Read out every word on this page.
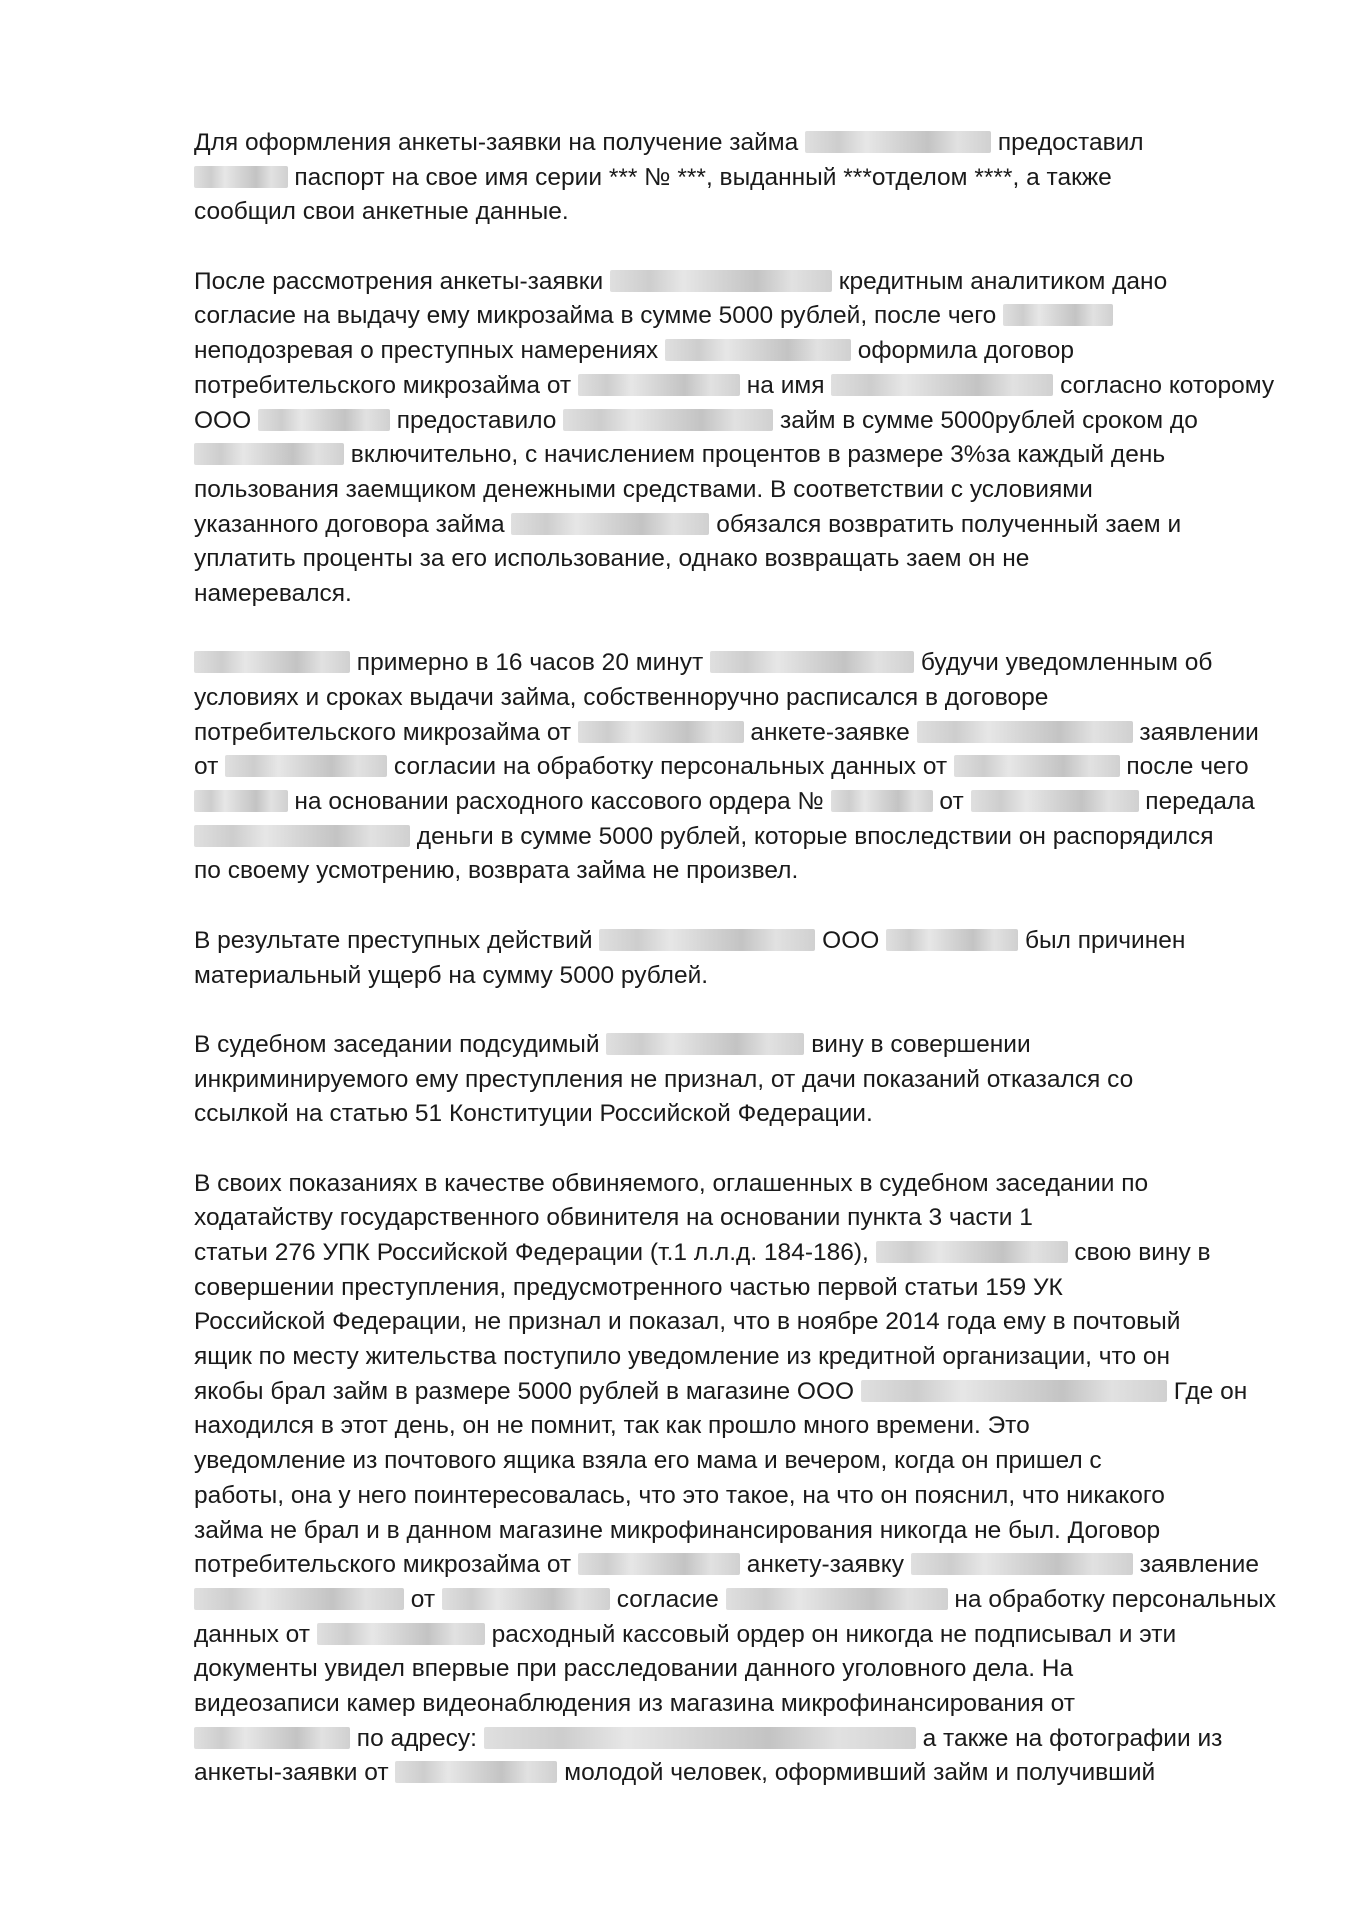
Для оформления анкеты-заявки на получение займа	предоставил
паспорт на свое имя серии *** № ***, выданный ***отделом ****, а также
сообщил свои анкетные данные.
После рассмотрения анкеты-заявки	кредитным аналитиком дано
согласие на выдачу ему микрозайма в сумме 5000 рублей, после чего
неподозревая о преступных намерениях	оформила договор
потребительского микрозайма от	на имя	согласно которому
ООО	предоставило	займ в сумме 5000рублей сроком до
включительно, с начислением процентов в размере 3%за каждый день
пользования заемщиком денежными средствами. В соответствии с условиями
указанного договора займа	обязался возвратить полученный заем и
уплатить проценты за его использование, однако возвращать заем он не
намеревался.
примерно в 16 часов 20 минут	будучи уведомленным об
условиях и сроках выдачи займа, собственноручно расписался в договоре
потребительского микрозайма от	анкете-заявке	заявлении
от	согласии на обработку персональных данных от	после чего
на основании расходного кассового ордера №	от	передала
деньги в сумме 5000 рублей, которые впоследствии он распорядился
по своему усмотрению, возврата займа не произвел.
В результате преступных действий	ООО	был причинен
материальный ущерб на сумму 5000 рублей.
В судебном заседании подсудимый	вину в совершении
инкриминируемого ему преступления не признал, от дачи показаний отказался со
ссылкой на статью 51 Конституции Российской Федерации.
В своих показаниях в качестве обвиняемого, оглашенных в судебном заседании по
ходатайству государственного обвинителя на основании пункта 3 части 1
статьи 276 УПК Российской Федерации (т.1 л.л.д. 184-186),	свою вину в
совершении преступления, предусмотренного частью первой статьи 159 УК
Российской Федерации, не признал и показал, что в ноябре 2014 года ему в почтовый
ящик по месту жительства поступило уведомление из кредитной организации, что он
якобы брал займ в размере 5000 рублей в магазине ООО	Где он
находился в этот день, он не помнит, так как прошло много времени. Это
уведомление из почтового ящика взяла его мама и вечером, когда он пришел с
работы, она у него поинтересовалась, что это такое, на что он пояснил, что никакого
займа не брал и в данном магазине микрофинансирования никогда не был. Договор
потребительского микрозайма от	анкету-заявку	заявление
от	согласие	на обработку персональных
данных от	расходный кассовый ордер он никогда не подписывал и эти
документы увидел впервые при расследовании данного уголовного дела. На
видеозаписи камер видеонаблюдения из магазина микрофинансирования от
по адресу:	а также на фотографии из
анкеты-заявки от	молодой человек, оформивший займ и получивший
